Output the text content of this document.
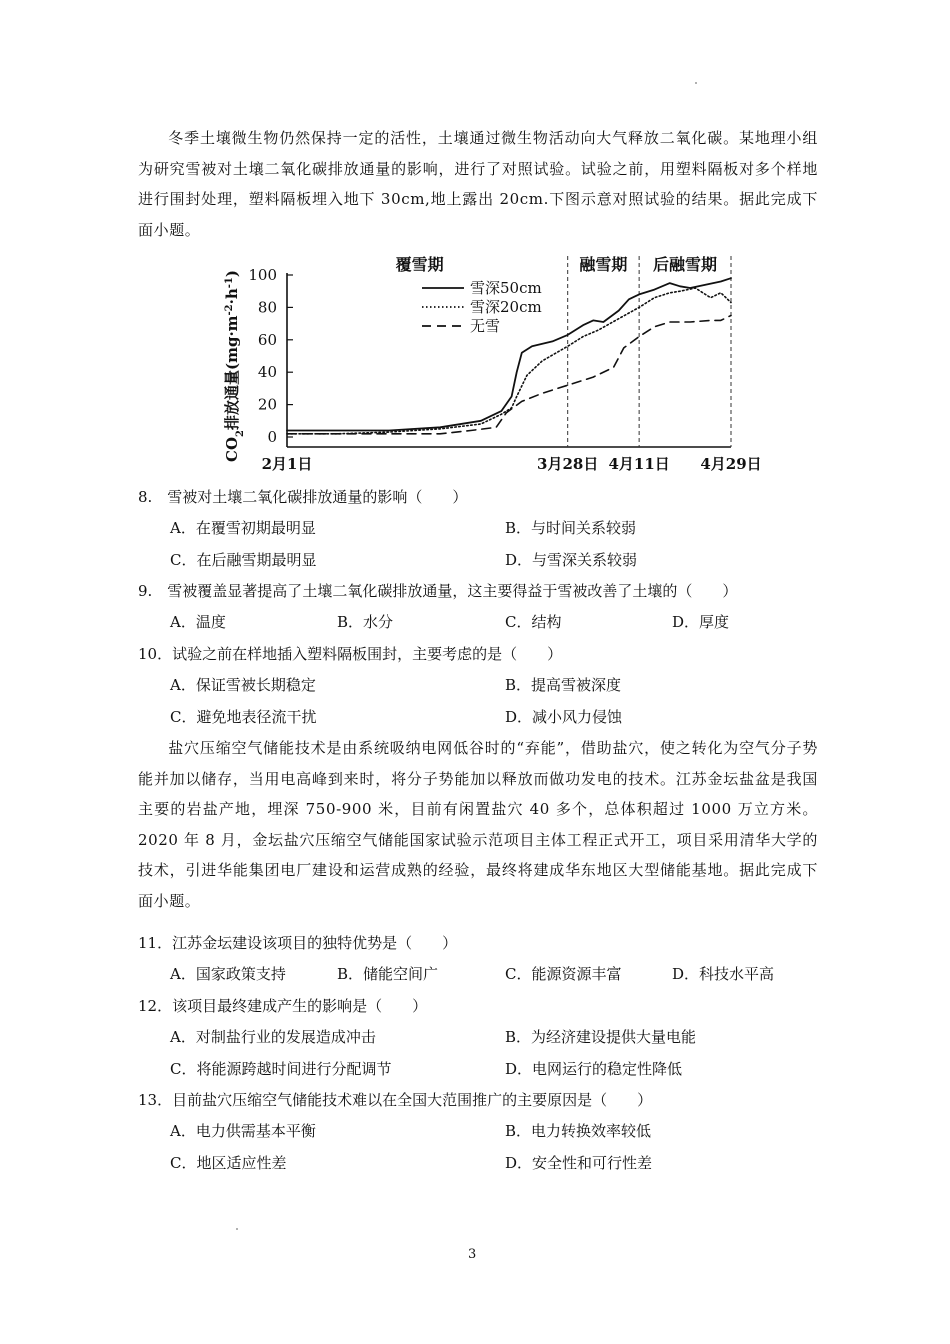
冬季土壤微生物仍然保持一定的活性，土壤通过微生物活动向大气释放二氧化碳。某地理小组为研究雪被对土壤二氧化碳排放通量的影响，进行了对照试验。试验之前，用塑料隔板对多个样地进行围封处理，塑料隔板埋入地下 30cm,地上露出 20cm.下图示意对照试验的结果。据此完成下面小题。
0
20
40
60
80
100
2月1日	3月28日 4月11日 4月29日
覆雪期	融雪期 后融雪期
$CO_2$排放通量$(mg\cdot m^{-2}\cdot h^{-1})$
雪深50cm
雪深20cm
无雪
8.　雪被对土壤二氧化碳排放通量的影响（　　）
A．在覆雪初期最明显	B．与时间关系较弱
C．在后融雪期最明显	D．与雪深关系较弱
9.　雪被覆盖显著提高了土壤二氧化碳排放通量，这主要得益于雪被改善了土壤的（　　）
A．温度	B．水分	C．结构	D．厚度
10．试验之前在样地插入塑料隔板围封，主要考虑的是（　　）
A．保证雪被长期稳定	B．提高雪被深度
C．避免地表径流干扰	D．减小风力侵蚀
盐穴压缩空气储能技术是由系统吸纳电网低谷时的“弃能”，借助盐穴，使之转化为空气分子势能并加以储存，当用电高峰到来时，将分子势能加以释放而做功发电的技术。江苏金坛盐盆是我国主要的岩盐产地，埋深 750-900 米，目前有闲置盐穴 40 多个，总体积超过 1000 万立方米。2020 年 8 月，金坛盐穴压缩空气储能国家试验示范项目主体工程正式开工，项目采用清华大学的技术，引进华能集团电厂建设和运营成熟的经验，最终将建成华东地区大型储能基地。据此完成下面小题。
11．江苏金坛建设该项目的独特优势是（　　）
A．国家政策支持	B．储能空间广	C．能源资源丰富	D．科技水平高
12．该项目最终建成产生的影响是（　　）
A．对制盐行业的发展造成冲击	B．为经济建设提供大量电能
C．将能源跨越时间进行分配调节	D．电网运行的稳定性降低
13．目前盐穴压缩空气储能技术难以在全国大范围推广的主要原因是（　　）
A．电力供需基本平衡	B．电力转换效率较低
C．地区适应性差	D．安全性和可行性差
3
